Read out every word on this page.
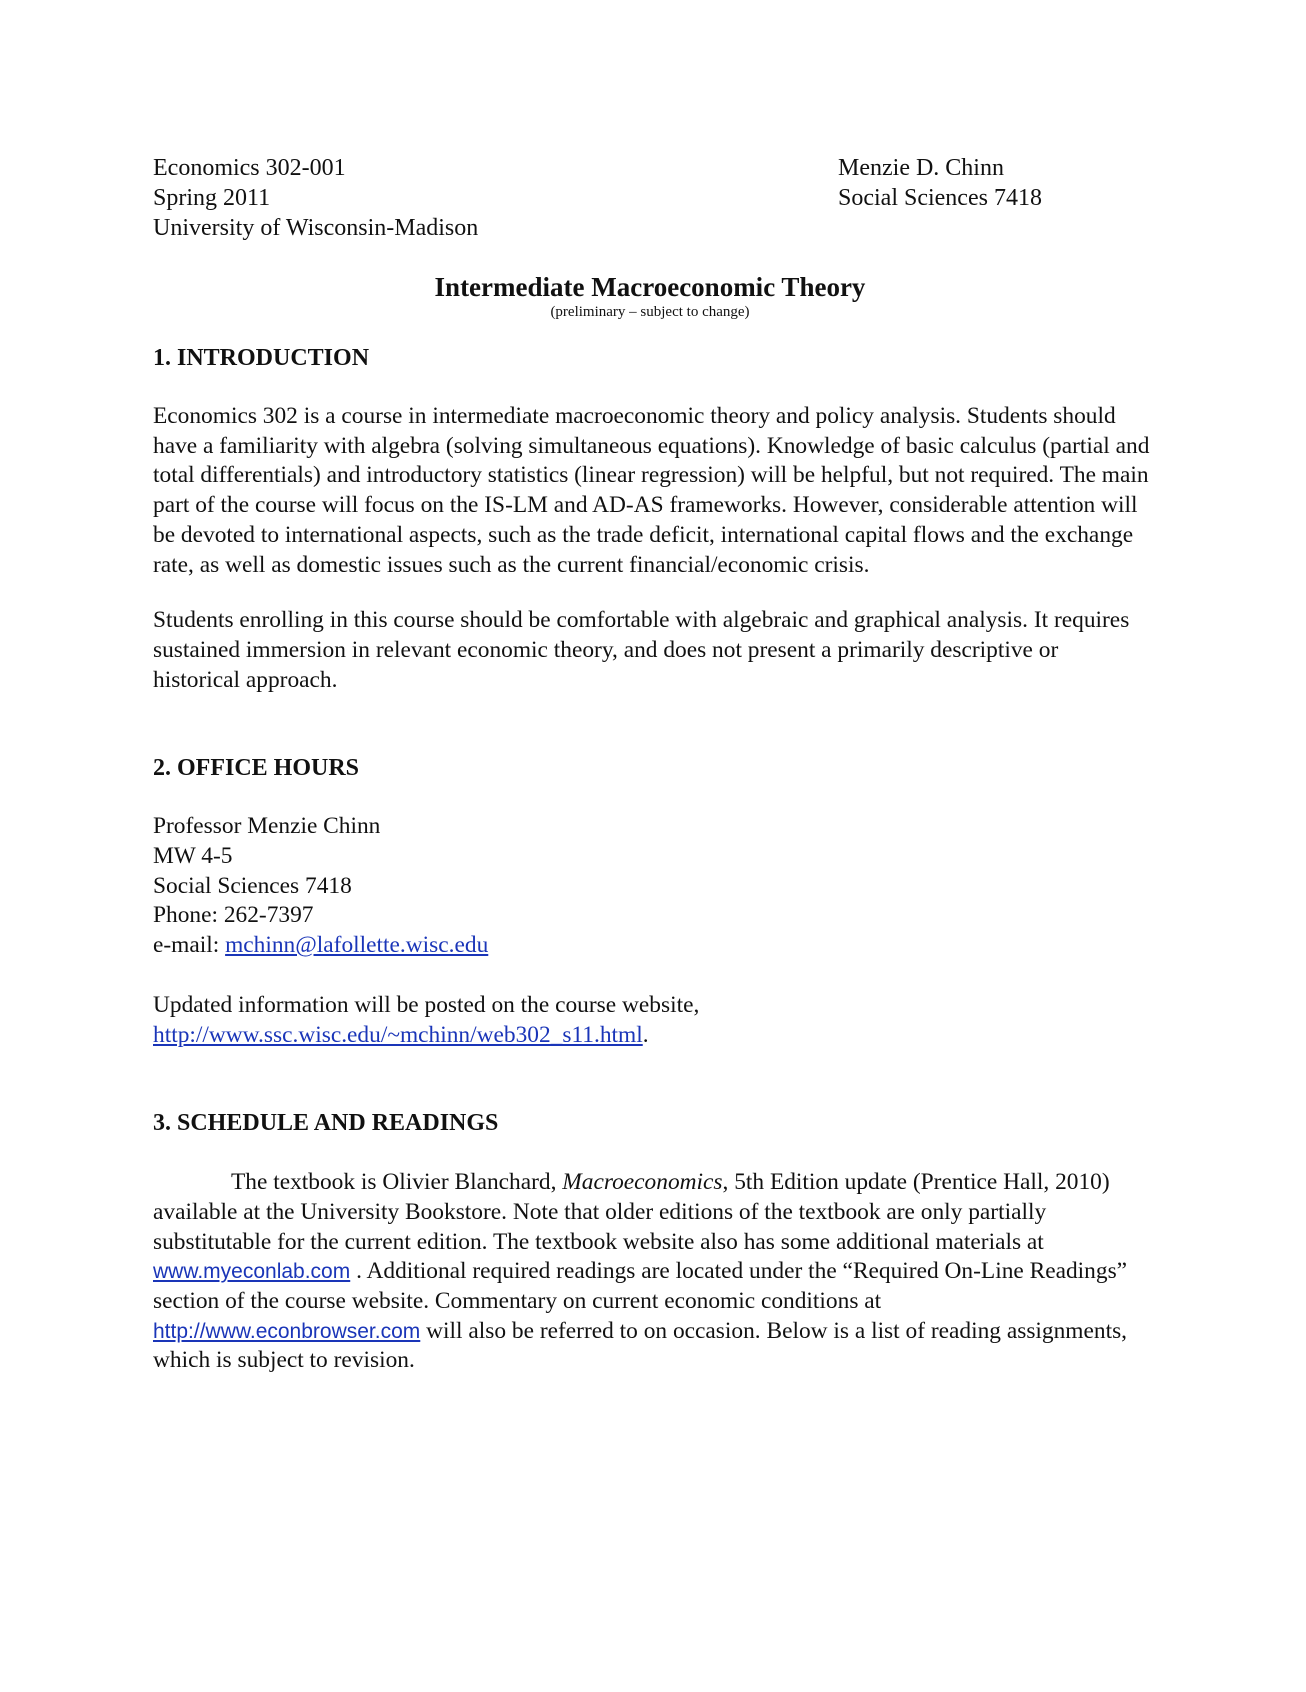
Economics 302-001
Spring 2011
University of Wisconsin-Madison
Menzie D. Chinn
Social Sciences 7418
Intermediate Macroeconomic Theory
(preliminary – subject to change)
1. INTRODUCTION

Economics 302 is a course in intermediate macroeconomic theory and policy analysis. Students should have a familiarity with algebra (solving simultaneous equations). Knowledge of basic calculus (partial and total differentials) and introductory statistics (linear regression) will be helpful, but not required. The main part of the course will focus on the IS-LM and AD-AS frameworks. However, considerable attention will be devoted to international aspects, such as the trade deficit, international capital flows and the exchange rate, as well as domestic issues such as the current financial/economic crisis.

Students enrolling in this course should be comfortable with algebraic and graphical analysis. It requires sustained immersion in relevant economic theory, and does not present a primarily descriptive or historical approach.

2. OFFICE HOURS
Professor Menzie Chinn
MW 4-5
Social Sciences 7418
Phone: 262-7397
e-mail: mchinn@lafollette.wisc.edu

Updated information will be posted on the course website,
http://www.ssc.wisc.edu/~mchinn/web302_s11.html.

3. SCHEDULE AND READINGS

The textbook is Olivier Blanchard, Macroeconomics, 5th Edition update (Prentice Hall, 2010) available at the University Bookstore. Note that older editions of the textbook are only partially substitutable for the current edition. The textbook website also has some additional materials at www.myeconlab.com . Additional required readings are located under the “Required On-Line Readings” section of the course website. Commentary on current economic conditions at http://www.econbrowser.com will also be referred to on occasion. Below is a list of reading assignments, which is subject to revision.
